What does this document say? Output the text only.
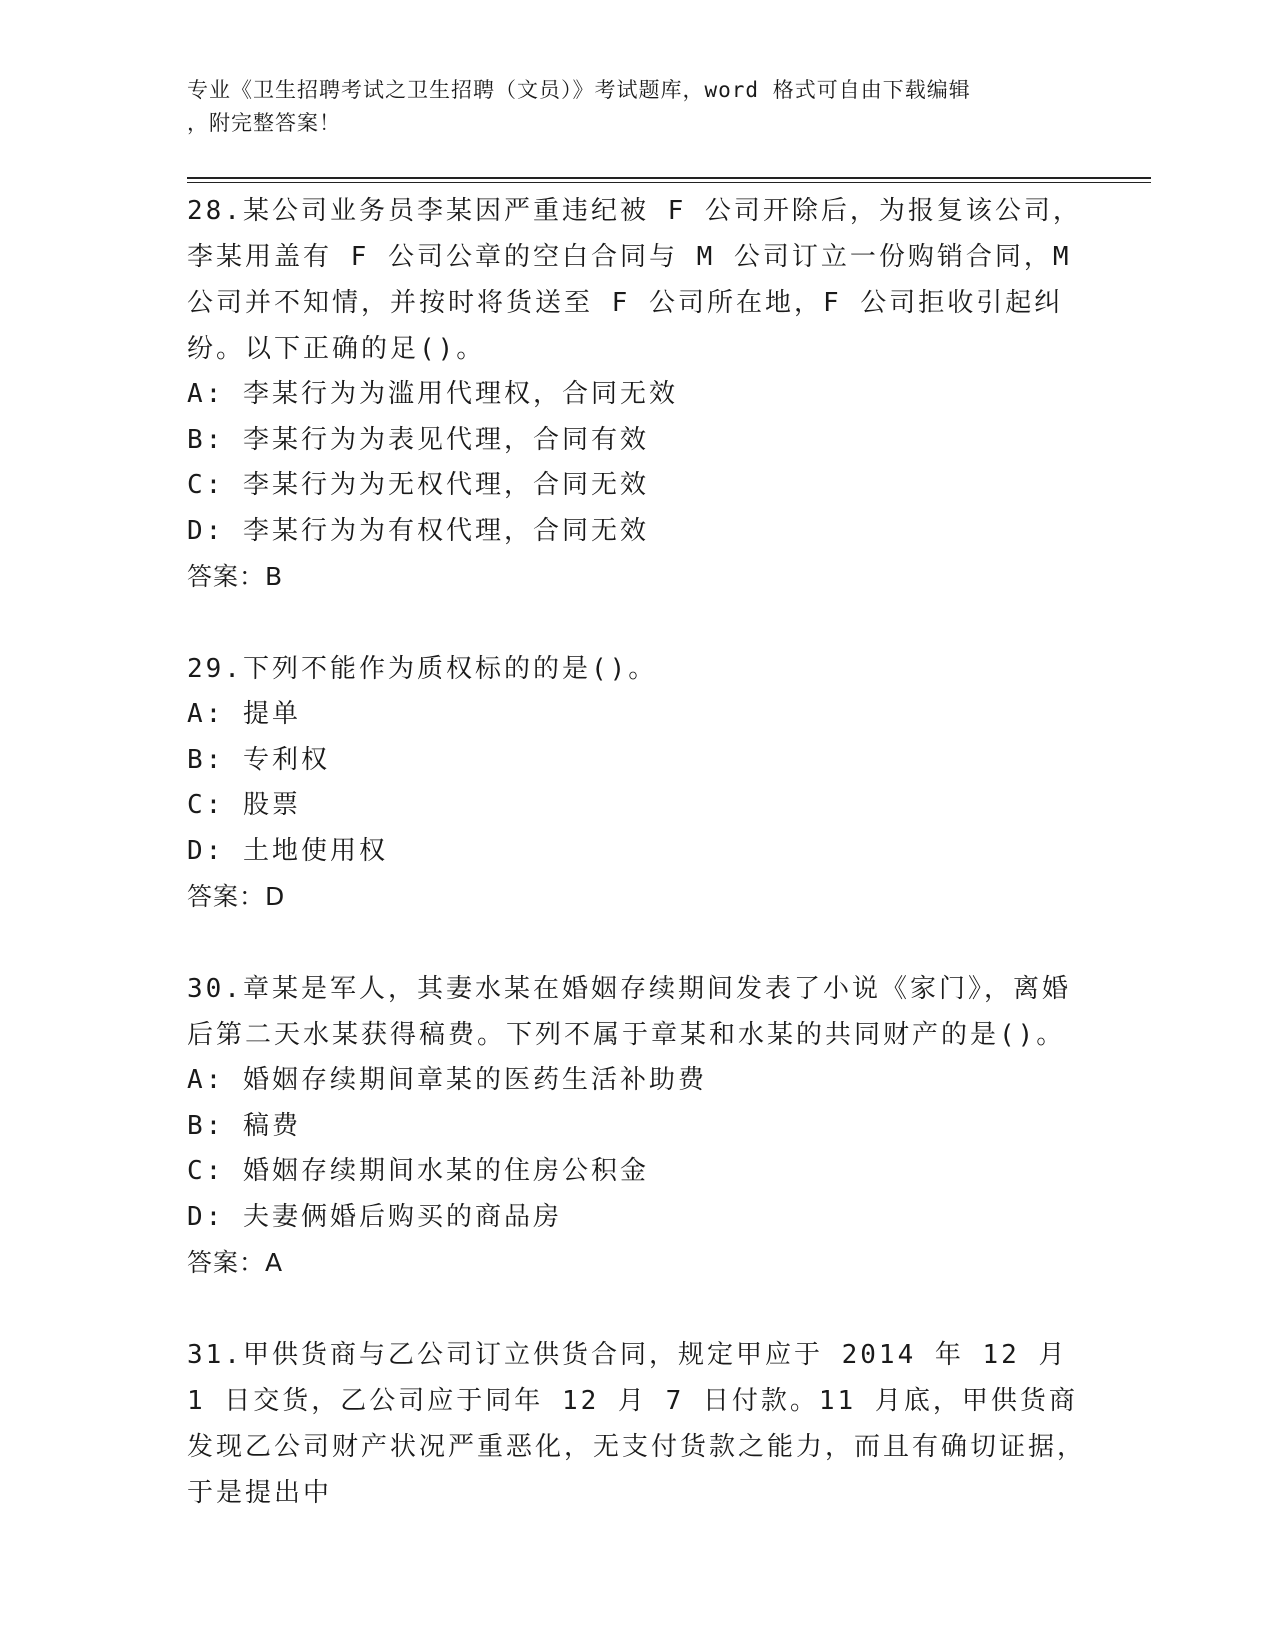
专业《卫生招聘考试之卫生招聘（文员）》考试题库，word 格式可自由下载编辑
，附完整答案！
28.某公司业务员李某因严重违纪被 F 公司开除后，为报复该公司，李某用盖有 F 公司公章的空白合同与 M 公司订立一份购销合同，M 公司并不知情，并按时将货送至 F 公司所在地，F 公司拒收引起纠纷。以下正确的足()。
A: 李某行为为滥用代理权，合同无效
B: 李某行为为表见代理，合同有效
C: 李某行为为无权代理，合同无效
D: 李某行为为有权代理，合同无效
答案：B
29.下列不能作为质权标的的是()。
A: 提单
B: 专利权
C: 股票
D: 土地使用权
答案：D
30.章某是军人，其妻水某在婚姻存续期间发表了小说《家门》，离婚后第二天水某获得稿费。下列不属于章某和水某的共同财产的是()。
A: 婚姻存续期间章某的医药生活补助费
B: 稿费
C: 婚姻存续期间水某的住房公积金
D: 夫妻俩婚后购买的商品房
答案：A
31.甲供货商与乙公司订立供货合同，规定甲应于 2014 年 12 月 1 日交货，乙公司应于同年 12 月 7 日付款。11 月底，甲供货商发现乙公司财产状况严重恶化，无支付货款之能力，而且有确切证据，于是提出中
